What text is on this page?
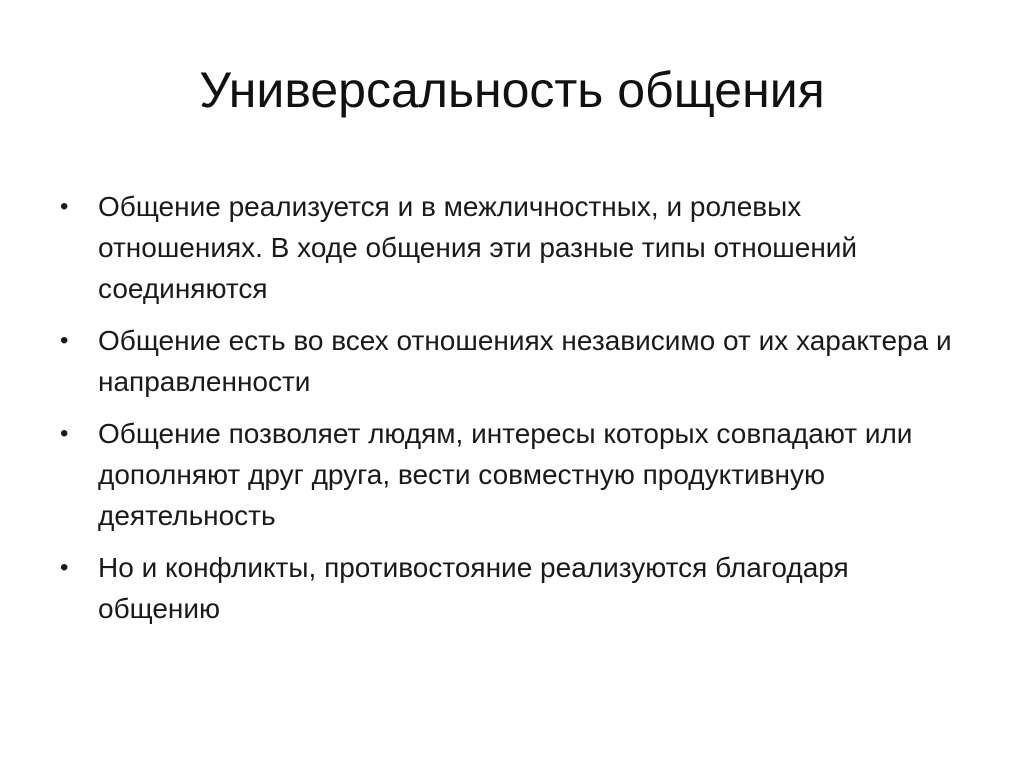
Универсальность общения
• Общение реализуется и в межличностных, и ролевых отношениях. В ходе общения эти разные типы отношений соединяются
• Общение есть во всех отношениях независимо от их характера и направленности
• Общение позволяет людям, интересы которых совпадают или дополняют друг друга, вести совместную продуктивную деятельность
• Но и конфликты, противостояние реализуются благодаря общению
